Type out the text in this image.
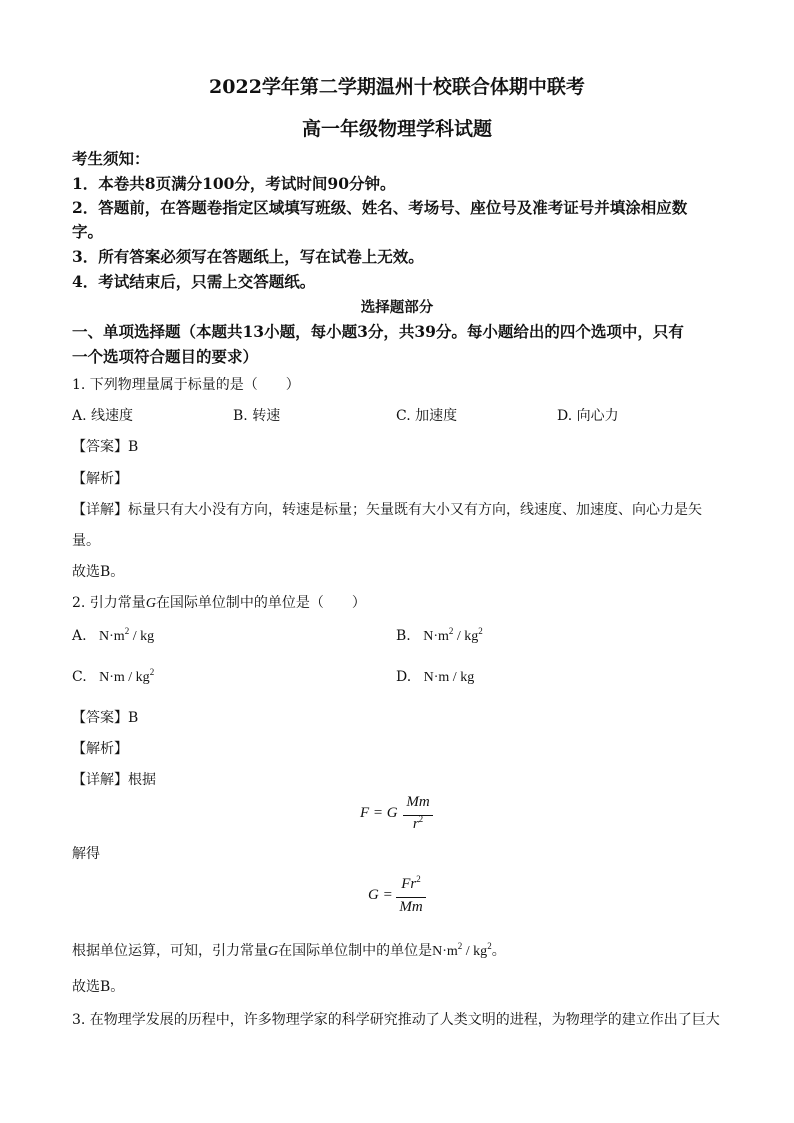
2022学年第二学期温州十校联合体期中联考
高一年级物理学科试题
考生须知：
1．本卷共8页满分100分，考试时间90分钟。
2．答题前，在答题卷指定区域填写班级、姓名、考场号、座位号及准考证号并填涂相应数
字。
3．所有答案必须写在答题纸上，写在试卷上无效。
4．考试结束后，只需上交答题纸。
选择题部分
一、单项选择题（本题共13小题，每小题3分，共39分。每小题给出的四个选项中，只有
一个选项符合题目的要求）
1. 下列物理量属于标量的是（　　）
A. 线速度	B. 转速	C. 加速度	D. 向心力
【答案】B
【解析】
【详解】标量只有大小没有方向，转速是标量；矢量既有大小又有方向，线速度、加速度、向心力是矢
量。
故选B。
2. 引力常量G在国际单位制中的单位是（　　）
A. $N\cdot m^2$ / kg	B. $N\cdot m^2 / kg^2$
C. $N\cdot m / kg^2$	D. N·m / kg
【答案】B
【解析】
【详解】根据
F = G
Mm
$r^2$
解得
G =
$Fr^2$
Mm
根据单位运算，可知，引力常量G在国际单位制中的单位是$N\cdot m^2 / kg^2$。
故选B。
3. 在物理学发展的历程中，许多物理学家的科学研究推动了人类文明的进程，为物理学的建立作出了巨大
